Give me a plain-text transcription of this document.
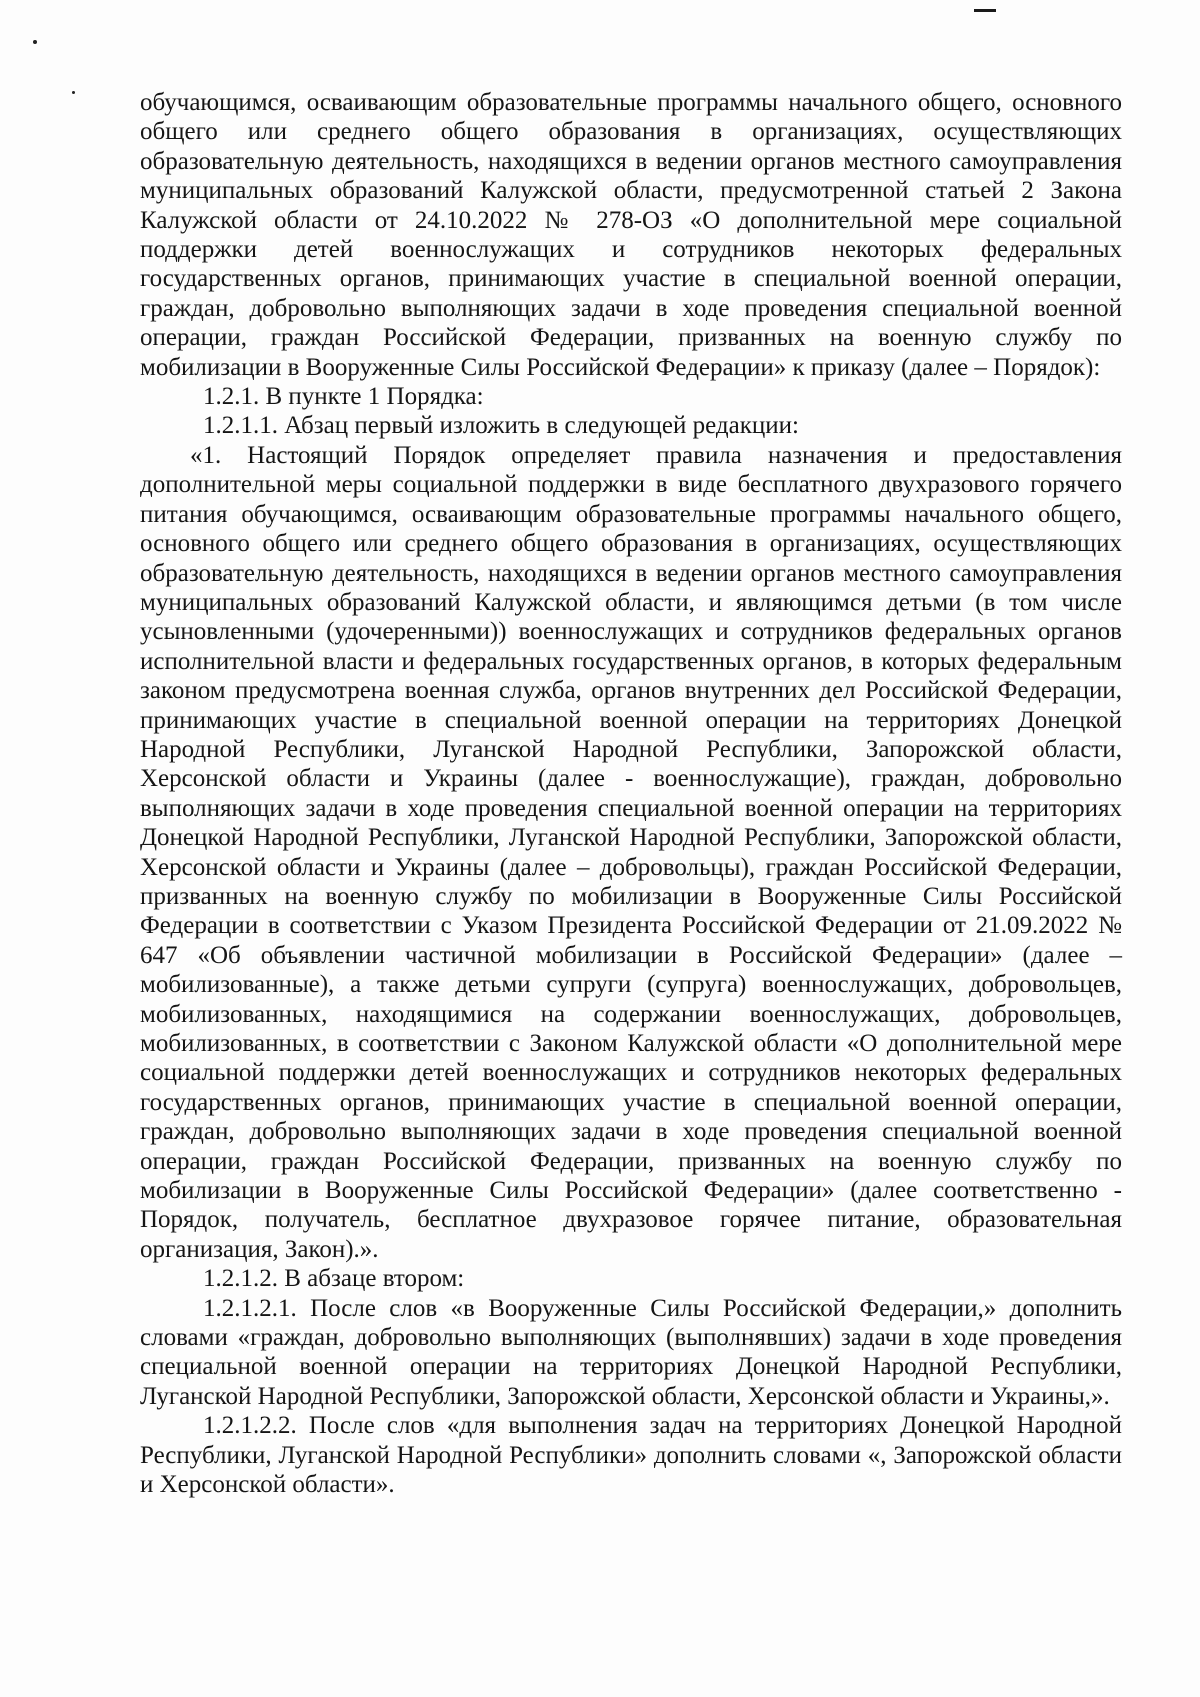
обучающимся, осваивающим образовательные программы начального общего, основного общего или среднего общего образования в организациях, осуществляющих образовательную деятельность, находящихся в ведении органов местного самоуправления муниципальных образований Калужской области, предусмотренной статьей 2 Закона Калужской области от 24.10.2022 № 278-ОЗ «О дополнительной мере социальной поддержки детей военнослужащих и сотрудников некоторых федеральных государственных органов, принимающих участие в специальной военной операции, граждан, добровольно выполняющих задачи в ходе проведения специальной военной операции, граждан Российской Федерации, призванных на военную службу по мобилизации в Вооруженные Силы Российской Федерации» к приказу (далее – Порядок):

1.2.1. В пункте 1 Порядка:

1.2.1.1. Абзац первый изложить в следующей редакции:

«1. Настоящий Порядок определяет правила назначения и предоставления дополнительной меры социальной поддержки в виде бесплатного двухразового горячего питания обучающимся, осваивающим образовательные программы начального общего, основного общего или среднего общего образования в организациях, осуществляющих образовательную деятельность, находящихся в ведении органов местного самоуправления муниципальных образований Калужской области, и являющимся детьми (в том числе усыновленными (удочеренными)) военнослужащих и сотрудников федеральных органов исполнительной власти и федеральных государственных органов, в которых федеральным законом предусмотрена военная служба, органов внутренних дел Российской Федерации, принимающих участие в специальной военной операции на территориях Донецкой Народной Республики, Луганской Народной Республики, Запорожской области, Херсонской области и Украины (далее - военнослужащие), граждан, добровольно выполняющих задачи в ходе проведения специальной военной операции на территориях Донецкой Народной Республики, Луганской Народной Республики, Запорожской области, Херсонской области и Украины (далее – добровольцы), граждан Российской Федерации, призванных на военную службу по мобилизации в Вооруженные Силы Российской Федерации в соответствии с Указом Президента Российской Федерации от 21.09.2022 № 647 «Об объявлении частичной мобилизации в Российской Федерации» (далее – мобилизованные), а также детьми супруги (супруга) военнослужащих, добровольцев, мобилизованных, находящимися на содержании военнослужащих, добровольцев, мобилизованных, в соответствии с Законом Калужской области «О дополнительной мере социальной поддержки детей военнослужащих и сотрудников некоторых федеральных государственных органов, принимающих участие в специальной военной операции, граждан, добровольно выполняющих задачи в ходе проведения специальной военной операции, граждан Российской Федерации, призванных на военную службу по мобилизации в Вооруженные Силы Российской Федерации» (далее соответственно - Порядок, получатель, бесплатное двухразовое горячее питание, образовательная организация, Закон).».

1.2.1.2. В абзаце втором:

1.2.1.2.1. После слов «в Вооруженные Силы Российской Федерации,» дополнить словами «граждан, добровольно выполняющих (выполнявших) задачи в ходе проведения специальной военной операции на территориях Донецкой Народной Республики, Луганской Народной Республики, Запорожской области, Херсонской области и Украины,».

1.2.1.2.2. После слов «для выполнения задач на территориях Донецкой Народной Республики, Луганской Народной Республики» дополнить словами «, Запорожской области и Херсонской области».
